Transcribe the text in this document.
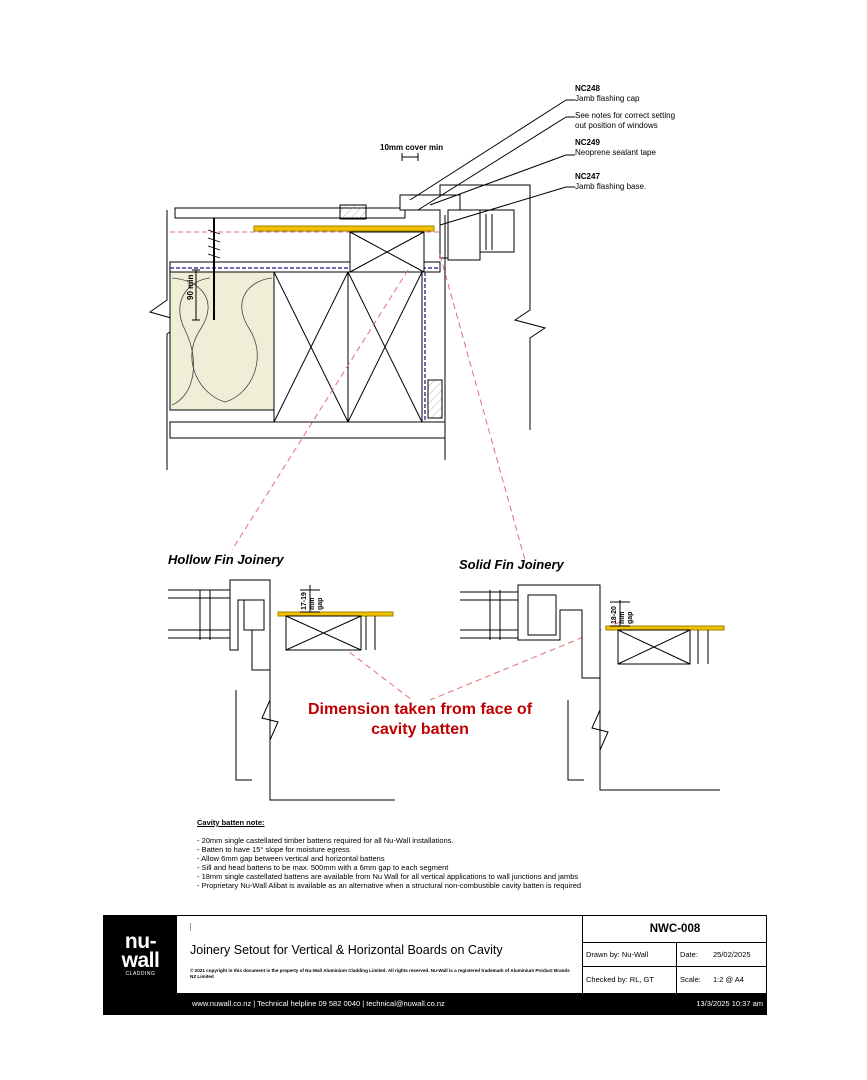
NC248
Jamb flashing cap
See notes for correct setting
out position of windows
NC249
Neoprene sealant tape
NC247
Jamb flashing base.
10mm cover min
90 min
Hollow Fin Joinery	Solid Fin Joinery
17-19 mm gap
18-20 mm gap
Dimension taken from face of
cavity batten
Cavity batten note:
- 20mm single castellated timber battens required for all Nu-Wall installations.
- Batten to have 15° slope for moisture egress
- Allow 6mm gap between vertical and horizontal battens
- Sill and head battens to be max. 500mm with a 6mm gap to each segment
- 18mm single castellated battens are available from Nu Wall for all vertical applications to wall junctions and jambs
- Proprietary Nu-Wall Alibat is available as an alternative when a structural non-combustible cavity batten is required
nu-
wall
CLADDING
Joinery Setout for Vertical & Horizontal Boards on Cavity
© 2021 copyright in this document is the property of Nu-Wall Aluminium Cladding Limited. All rights reserved. Nu-Wall is a registered trademark of Aluminium Product Brands NZ Limited
NWC-008
Drawn by: Nu-Wall	Date: 25/02/2025
Checked by: RL, GT	Scale: 1:2 @ A4
www.nuwall.co.nz | Technical helpline 09 582 0040 | technical@nuwall.co.nz	13/3/2025 10:37 am
